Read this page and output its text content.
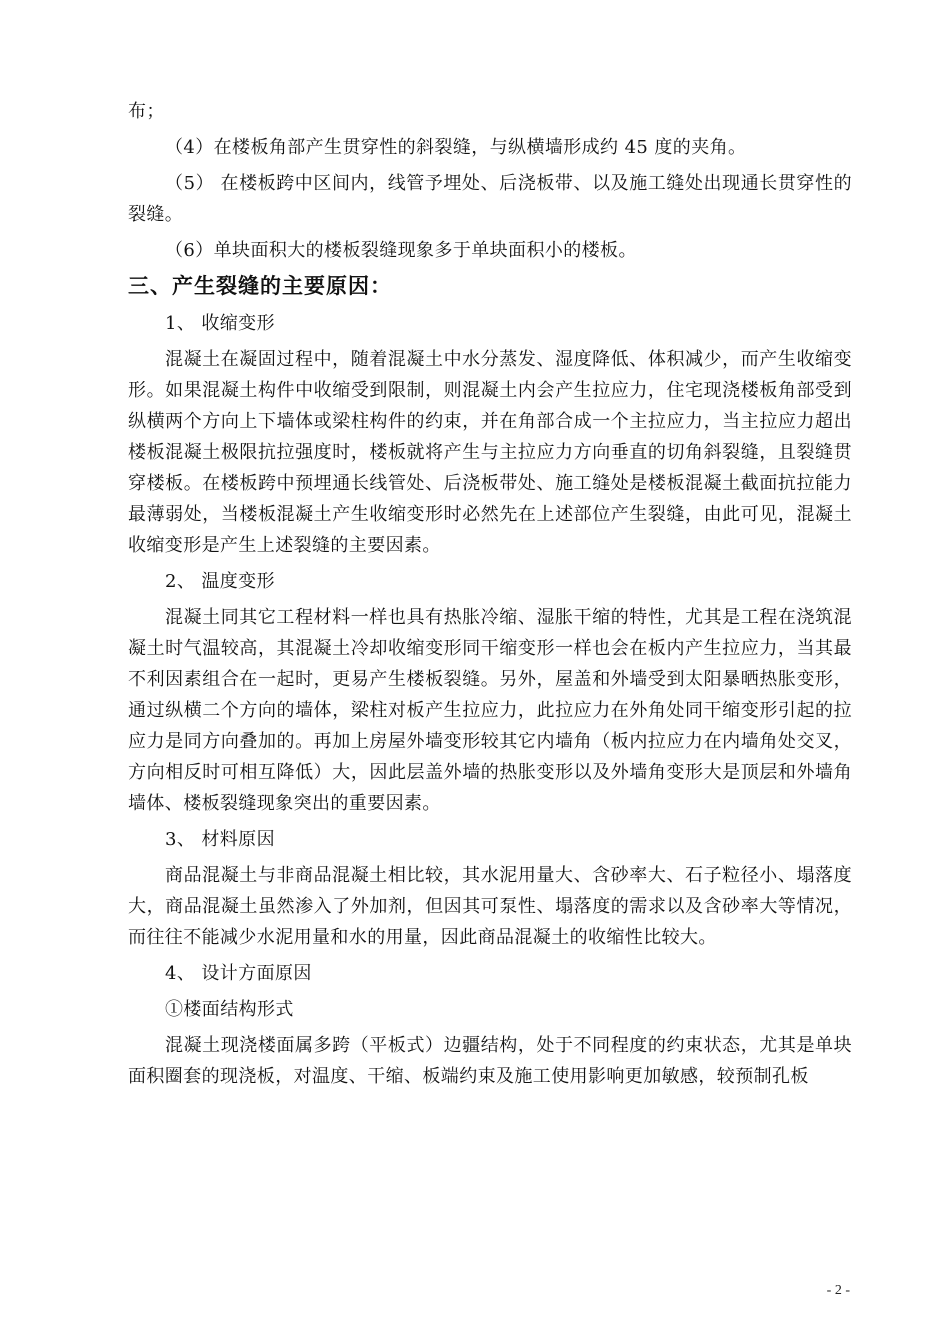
布；

（4）在楼板角部产生贯穿性的斜裂缝，与纵横墙形成约 45 度的夹角。

（5） 在楼板跨中区间内，线管予埋处、后浇板带、以及施工缝处出现通长贯穿性的裂缝。

（6）单块面积大的楼板裂缝现象多于单块面积小的楼板。

三、产生裂缝的主要原因：

1、 收缩变形

混凝土在凝固过程中，随着混凝土中水分蒸发、湿度降低、体积减少，而产生收缩变形。如果混凝土构件中收缩受到限制，则混凝土内会产生拉应力，住宅现浇楼板角部受到纵横两个方向上下墙体或梁柱构件的约束，并在角部合成一个主拉应力，当主拉应力超出楼板混凝土极限抗拉强度时，楼板就将产生与主拉应力方向垂直的切角斜裂缝，且裂缝贯穿楼板。在楼板跨中预埋通长线管处、后浇板带处、施工缝处是楼板混凝土截面抗拉能力最薄弱处，当楼板混凝土产生收缩变形时必然先在上述部位产生裂缝，由此可见，混凝土收缩变形是产生上述裂缝的主要因素。

2、 温度变形

混凝土同其它工程材料一样也具有热胀冷缩、湿胀干缩的特性，尤其是工程在浇筑混凝土时气温较高，其混凝土冷却收缩变形同干缩变形一样也会在板内产生拉应力，当其最不利因素组合在一起时，更易产生楼板裂缝。另外，屋盖和外墙受到太阳暴晒热胀变形，通过纵横二个方向的墙体，梁柱对板产生拉应力，此拉应力在外角处同干缩变形引起的拉应力是同方向叠加的。再加上房屋外墙变形较其它内墙角（板内拉应力在内墙角处交叉，方向相反时可相互降低）大，因此层盖外墙的热胀变形以及外墙角变形大是顶层和外墙角墙体、楼板裂缝现象突出的重要因素。

3、 材料原因

商品混凝土与非商品混凝土相比较，其水泥用量大、含砂率大、石子粒径小、塌落度大，商品混凝土虽然渗入了外加剂，但因其可泵性、塌落度的需求以及含砂率大等情况，而往往不能减少水泥用量和水的用量，因此商品混凝土的收缩性比较大。

4、 设计方面原因

①楼面结构形式

混凝土现浇楼面属多跨（平板式）边疆结构，处于不同程度的约束状态，尤其是单块面积圈套的现浇板，对温度、干缩、板端约束及施工使用影响更加敏感，较预制孔板

- 2 -
